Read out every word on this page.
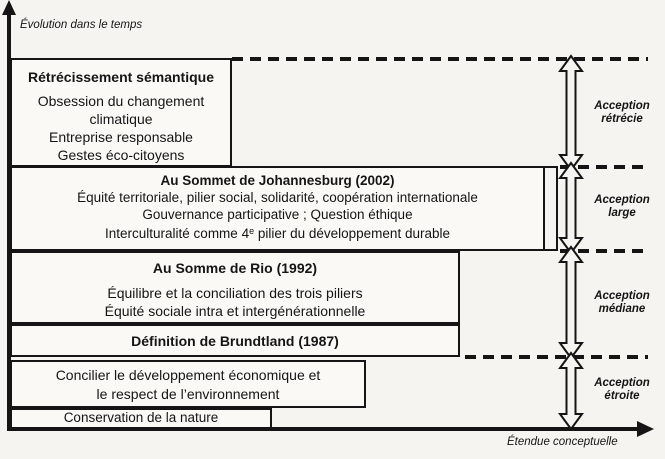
Évolution dans le temps
Étendue conceptuelle
Rétrécissement sémantique
Obsession du changement
climatique
Entreprise responsable
Gestes éco-citoyens
Au Sommet de Johannesburg (2002)
Équité territoriale, pilier social, solidarité, coopération internationale
Gouvernance participative ; Question éthique
Interculturalité comme 4e pilier du développement durable
Au Somme de Rio (1992)
Équilibre et la conciliation des trois piliers
Équité sociale intra et intergénérationnelle
Définition de Brundtland (1987)
Concilier le développement économique et
le respect de l’environnement
Conservation de la nature
Acception
rétrécie
Acception
large
Acception
médiane
Acception
étroite
